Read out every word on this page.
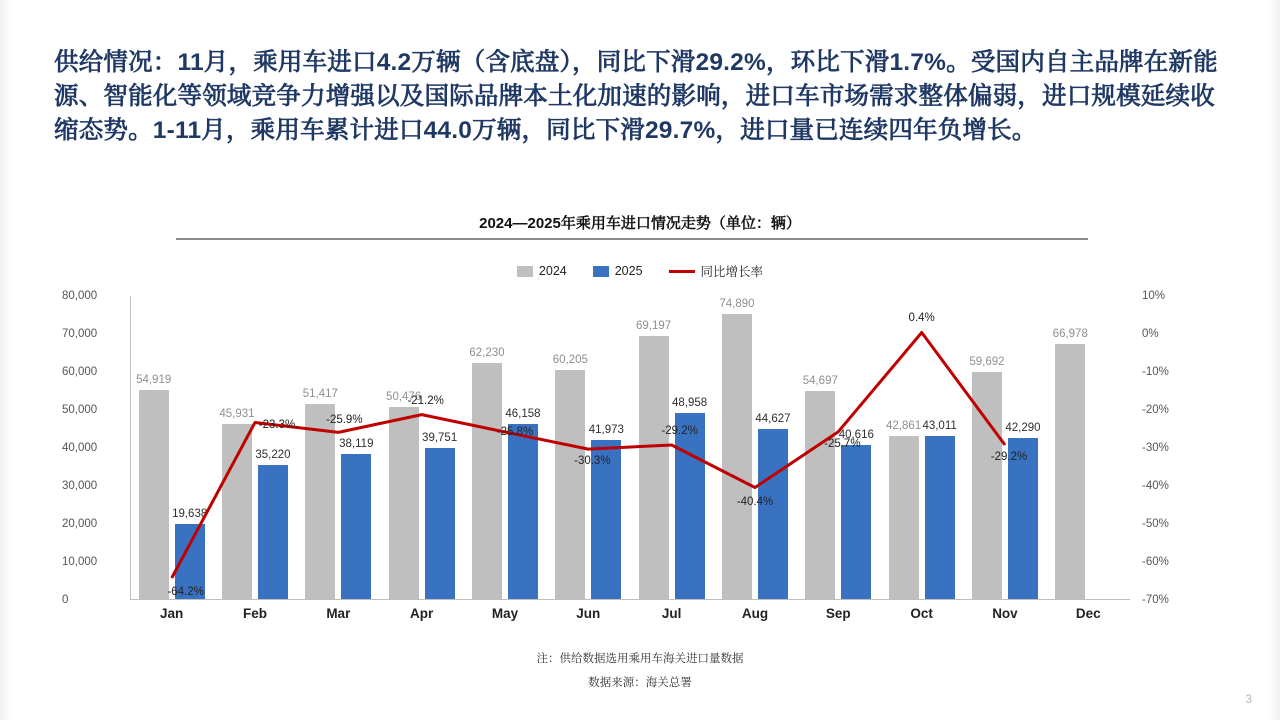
供给情况：11月，乘用车进口4.2万辆（含底盘），同比下滑29.2%，环比下滑1.7%。受国内自主品牌在新能源、智能化等领域竞争力增强以及国际品牌本土化加速的影响，进口车市场需求整体偏弱，进口规模延续收缩态势。1-11月，乘用车累计进口44.0万辆，同比下滑29.7%，进口量已连续四年负增长。
2024—2025年乘用车进口情况走势（单位：辆）
2024	2025	同比增长率
0
10,000
20,000
30,000
40,000
50,000
60,000
70,000
80,000
-70%
-60%
-50%
-40%
-30%
-20%
-10%
0%
10%
54,919
19,638
45,931
35,220
51,417
38,119
50,476
39,751
62,230
46,158
60,205
41,973
69,197
48,958
74,890
44,627
54,697
40,616
42,861 43,011
59,692
42,290
66,978
-64.2%
-23.3%	-25.9%
-21.2%
-25.8%
-30.3%
-29.2%
-40.4%
-25.7%
0.4%
-29.2%
Jan	Feb	Mar	Apr	May	Jun	Jul	Aug	Sep	Oct	Nov	Dec
注：供给数据选用乘用车海关进口量数据
数据来源：海关总署
3
